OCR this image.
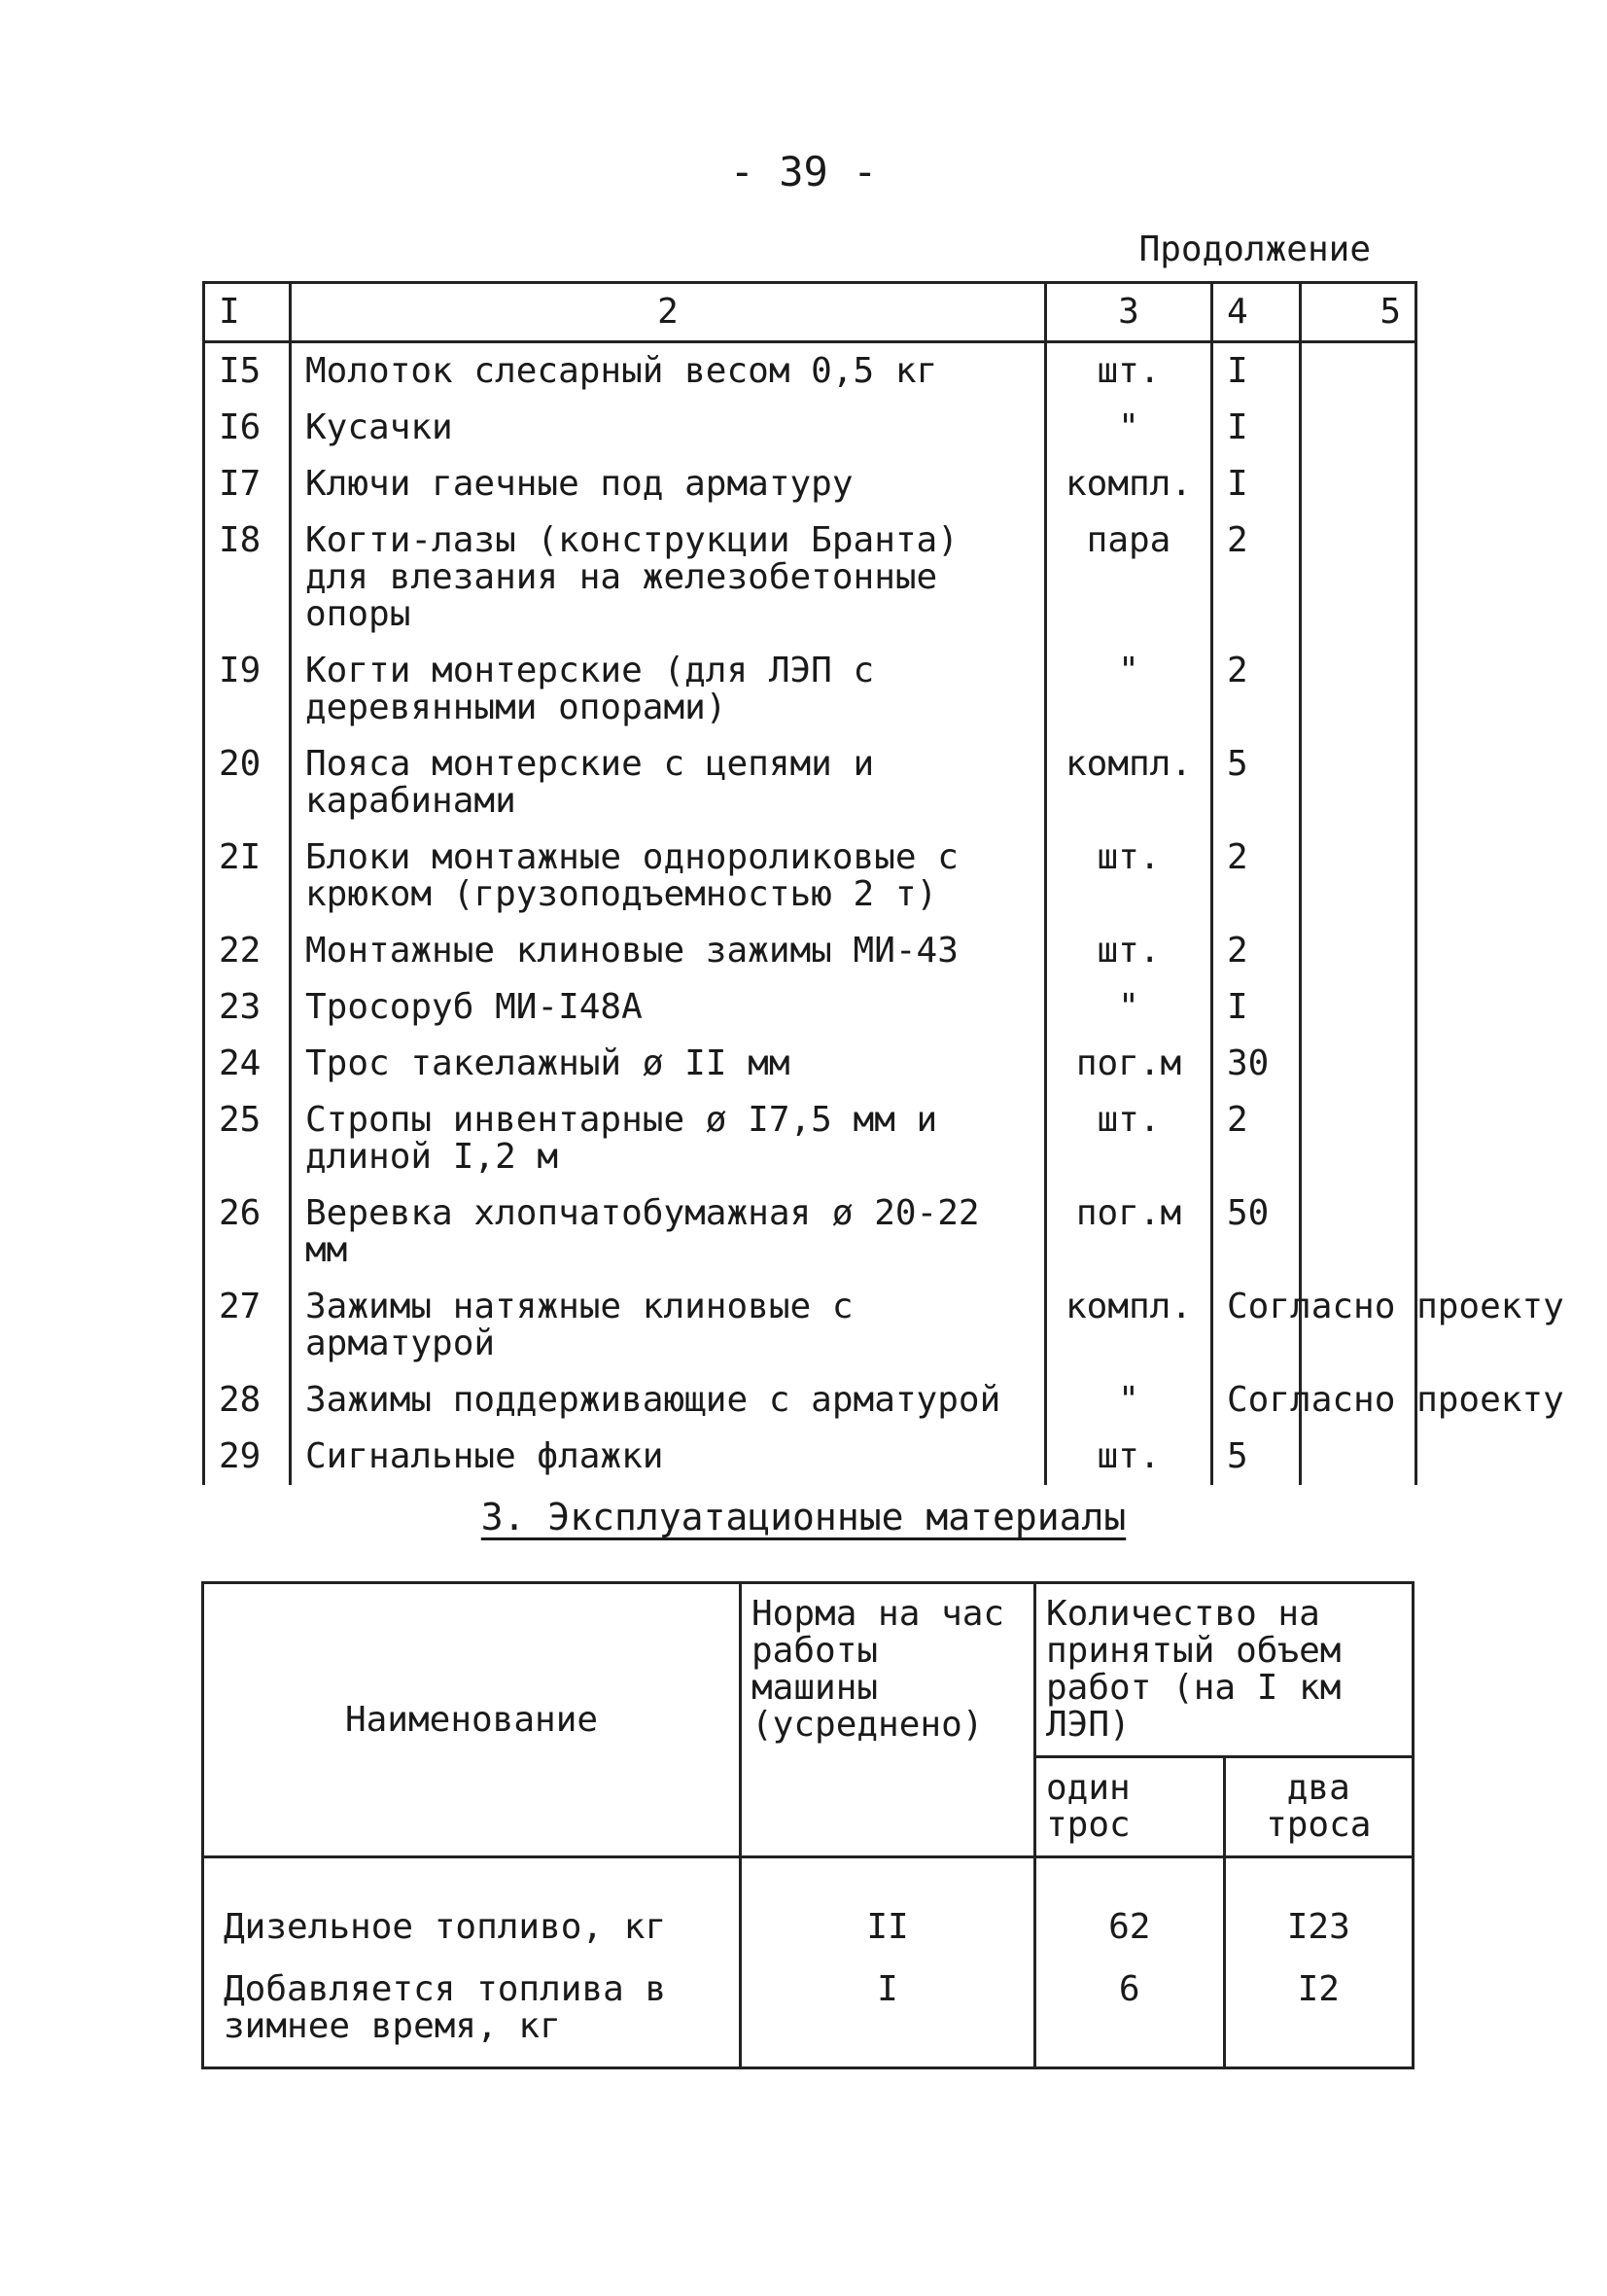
- 39 -
Продолжение
I	2	3	4	5
I5	Молоток слесарный весом 0,5 кг	шт.	I	
I6	Кусачки	"	I	
I7	Ключи гаечные под арматуру	компл.	I	
I8	Когти-лазы (конструкции Бранта) для влезания на железобетонные опоры	пара	2	
I9	Когти монтерские (для ЛЭП с деревянными опорами)	"	2	
20	Пояса монтерские с цепями и карабинами	компл.	5	
2I	Блоки монтажные однороликовые с крюком (грузоподъемностью 2 т)	шт.	2	
22	Монтажные клиновые зажимы МИ-43	шт.	2	
23	Тросоруб МИ-I48А	"	I	
24	Трос такелажный ø II мм	пог.м	30	
25	Стропы инвентарные ø I7,5 мм и длиной I,2 м	шт.	2	
26	Веревка хлопчатобумажная ø 20-22 мм	пог.м	50	
27	Зажимы натяжные клиновые с арматурой	компл.	Согласно проекту	
28	Зажимы поддерживающие с арматурой	"	Согласно проекту	
29	Сигнальные флажки	шт.	5	
3. Эксплуатационные материалы
Наименование	Норма на час работы машины (усреднено)	Количество на принятый объем работ (на I км ЛЭП)	
		один трос	два троса
Дизельное топливо, кг	II	62	I23
Добавляется топлива в зимнее время, кг	I	6	I2
